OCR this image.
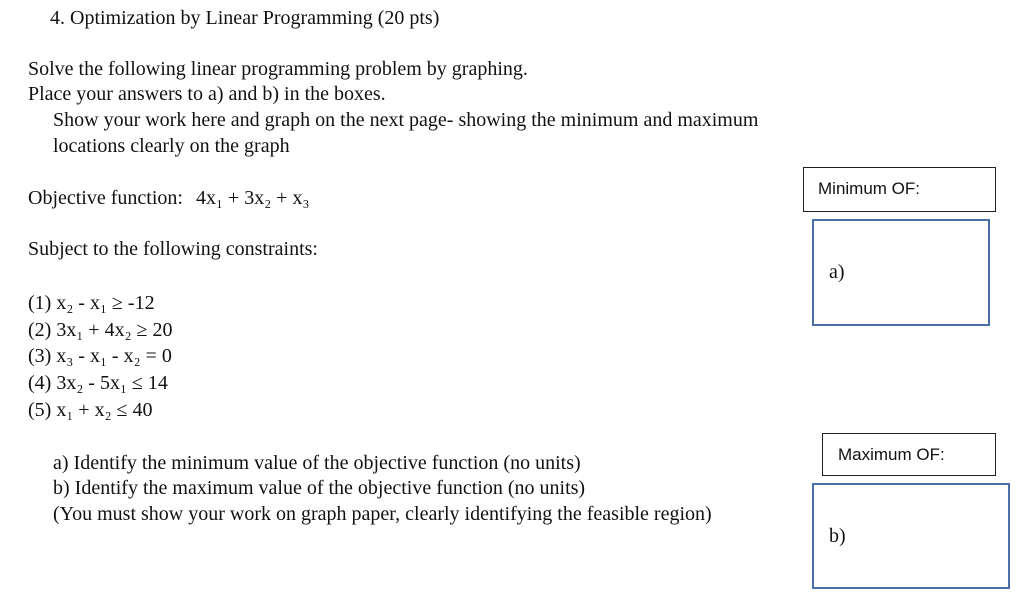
4. Optimization by Linear Programming (20 pts)
Solve the following linear programming problem by graphing.
Place your answers to a) and b) in the boxes.
Show your work here and graph on the next page- showing the minimum and maximum
locations clearly on the graph
Objective function: 4x₁ + 3x₂ + x₃
Subject to the following constraints:
(1) x₂ - x₁ ≥ -12
(2) 3x₁ + 4x₂ ≥ 20
(3) x₃ - x₁ - x₂ = 0
(4) 3x₂ - 5x₁ ≤ 14
(5) x₁ + x₂ ≤ 40
a) Identify the minimum value of the objective function (no units)
b) Identify the maximum value of the objective function (no units)
(You must show your work on graph paper, clearly identifying the feasible region)
Minimum OF:
a)
Maximum OF:
b)
